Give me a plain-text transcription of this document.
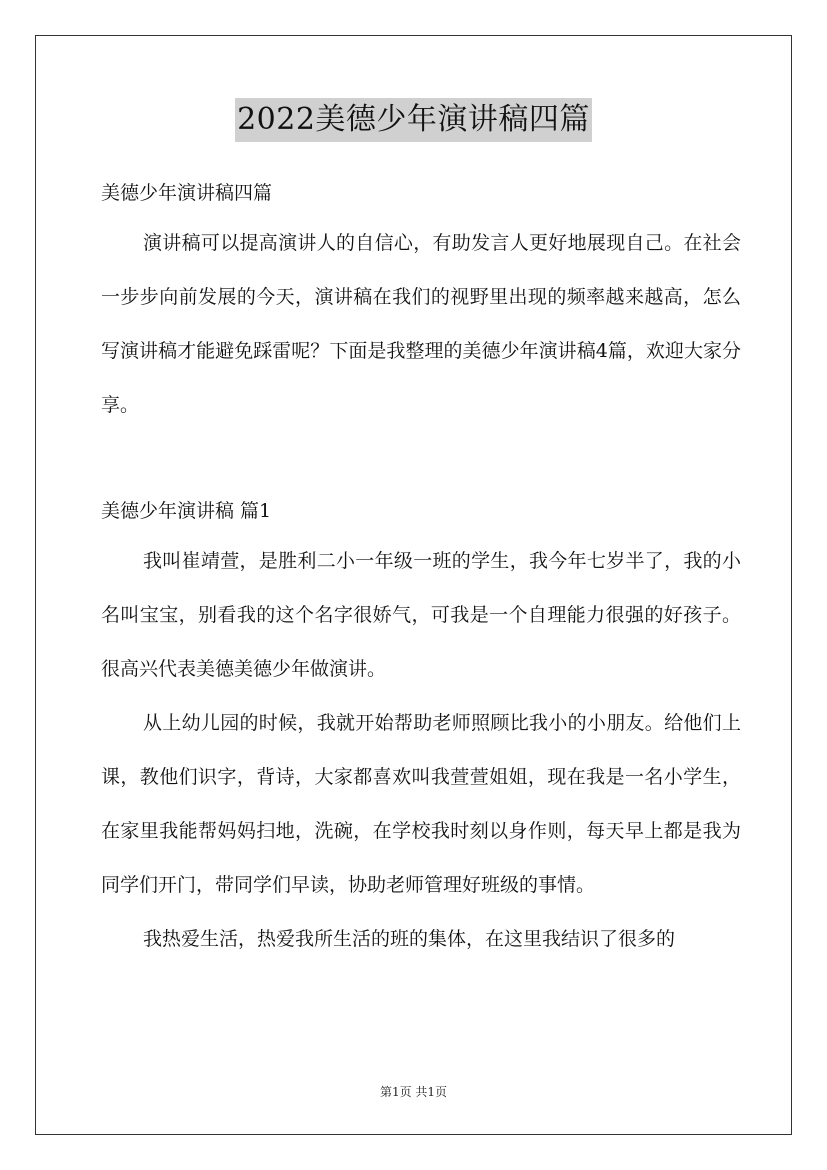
2022美德少年演讲稿四篇

美德少年演讲稿四篇

演讲稿可以提高演讲人的自信心，有助发言人更好地展现自己。在社会一步步向前发展的今天，演讲稿在我们的视野里出现的频率越来越高，怎么写演讲稿才能避免踩雷呢？下面是我整理的美德少年演讲稿4篇，欢迎大家分享。

美德少年演讲稿 篇1

我叫崔靖萱，是胜利二小一年级一班的学生，我今年七岁半了，我的小名叫宝宝，别看我的这个名字很娇气，可我是一个自理能力很强的好孩子。很高兴代表美德美德少年做演讲。

从上幼儿园的时候，我就开始帮助老师照顾比我小的小朋友。给他们上课，教他们识字，背诗，大家都喜欢叫我萱萱姐姐，现在我是一名小学生，在家里我能帮妈妈扫地，洗碗，在学校我时刻以身作则，每天早上都是我为同学们开门，带同学们早读，协助老师管理好班级的事情。

我热爱生活，热爱我所生活的班的集体，在这里我结识了很多的

第1页 共1页
